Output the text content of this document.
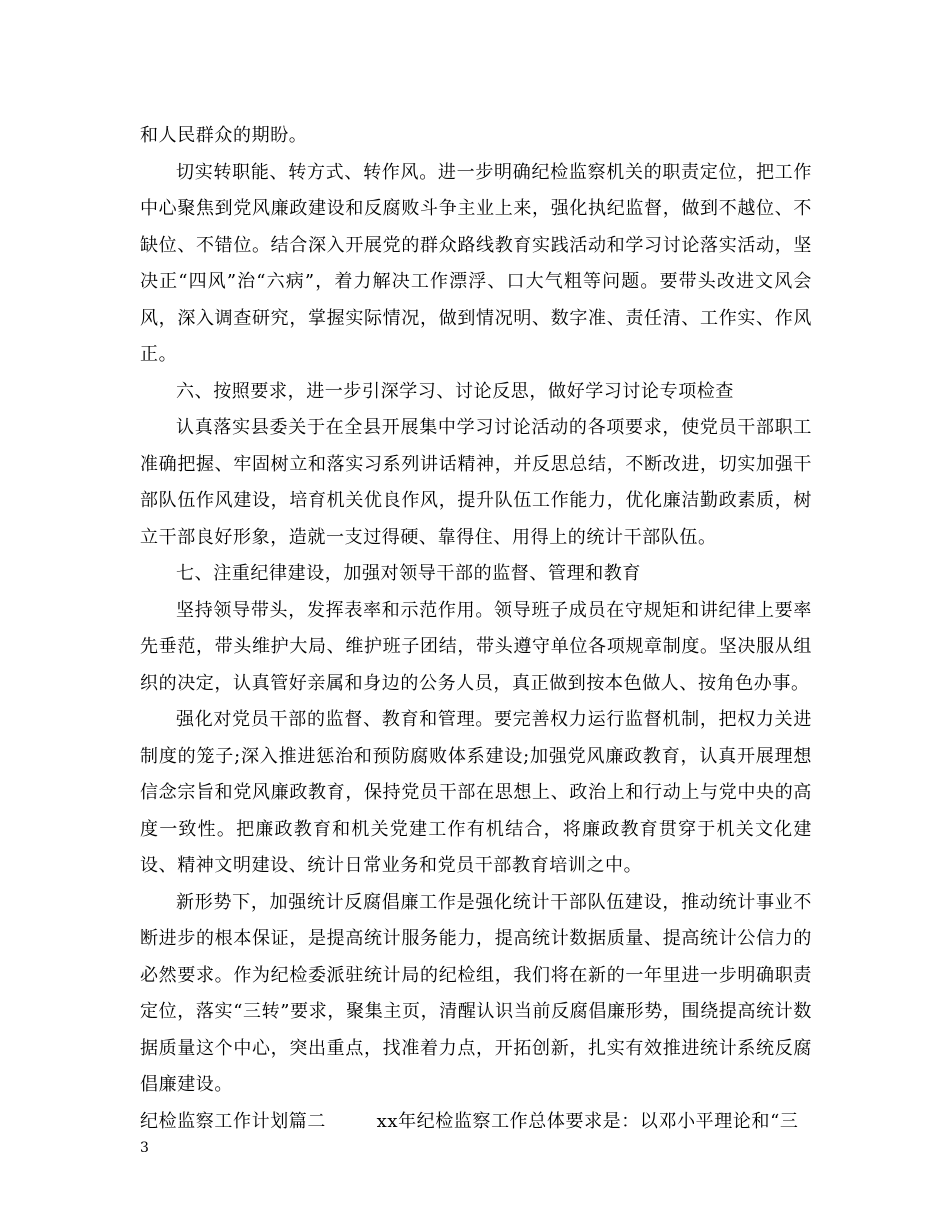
和人民群众的期盼。

切实转职能、转方式、转作风。进一步明确纪检监察机关的职责定位，把工作中心聚焦到党风廉政建设和反腐败斗争主业上来，强化执纪监督，做到不越位、不缺位、不错位。结合深入开展党的群众路线教育实践活动和学习讨论落实活动，坚决正“四风”治“六病”，着力解决工作漂浮、口大气粗等问题。要带头改进文风会风，深入调查研究，掌握实际情况，做到情况明、数字准、责任清、工作实、作风正。

六、按照要求，进一步引深学习、讨论反思，做好学习讨论专项检查

认真落实县委关于在全县开展集中学习讨论活动的各项要求，使党员干部职工准确把握、牢固树立和落实习系列讲话精神，并反思总结，不断改进，切实加强干部队伍作风建设，培育机关优良作风，提升队伍工作能力，优化廉洁勤政素质，树立干部良好形象，造就一支过得硬、靠得住、用得上的统计干部队伍。

七、注重纪律建设，加强对领导干部的监督、管理和教育

坚持领导带头，发挥表率和示范作用。领导班子成员在守规矩和讲纪律上要率先垂范，带头维护大局、维护班子团结，带头遵守单位各项规章制度。坚决服从组织的决定，认真管好亲属和身边的公务人员，真正做到按本色做人、按角色办事。

强化对党员干部的监督、教育和管理。要完善权力运行监督机制，把权力关进制度的笼子;深入推进惩治和预防腐败体系建设;加强党风廉政教育，认真开展理想信念宗旨和党风廉政教育，保持党员干部在思想上、政治上和行动上与党中央的高度一致性。把廉政教育和机关党建工作有机结合，将廉政教育贯穿于机关文化建设、精神文明建设、统计日常业务和党员干部教育培训之中。

新形势下，加强统计反腐倡廉工作是强化统计干部队伍建设，推动统计事业不断进步的根本保证，是提高统计服务能力，提高统计数据质量、提高统计公信力的必然要求。作为纪检委派驻统计局的纪检组，我们将在新的一年里进一步明确职责定位，落实“三转”要求，聚集主页，清醒认识当前反腐倡廉形势，围绕提高统计数据质量这个中心，突出重点，找准着力点，开拓创新，扎实有效推进统计系统反腐倡廉建设。

纪检监察工作计划篇二        xx年纪检监察工作总体要求是：以邓小平理论和“三

3
